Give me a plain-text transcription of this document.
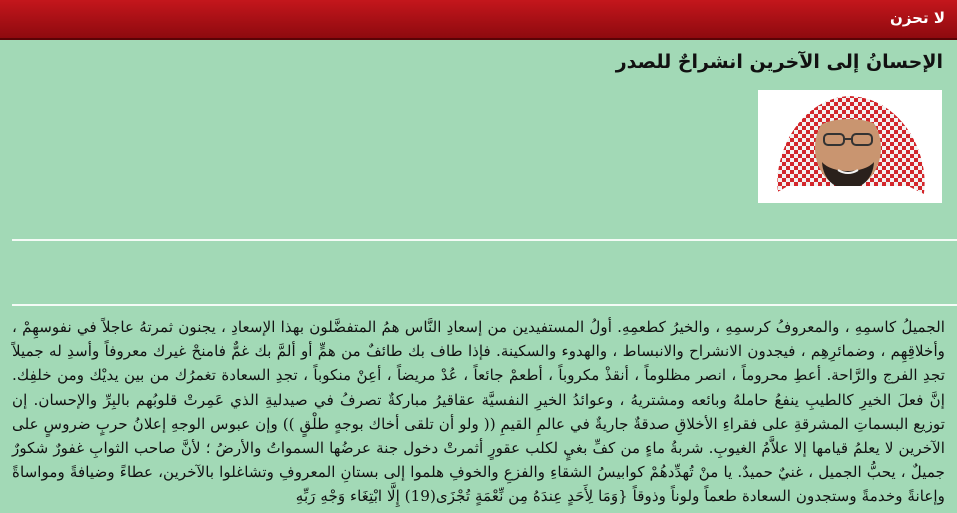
لا تحزن
الإحسانُ إلى الآخرين انشراحٌ للصدر
الجميلُ كاسمِهِ ، والمعروفُ كرسمِهِ ، والخيرُ كطعمِهِ. أولُ المستفيدين من إسعادِ النَّاس همُ المتفضَّلون بهذا الإسعادِ ، يجنون ثمرتهُ عاجلاً في نفوسهِمْ ، وأخلاقِهِم ، وضمائرِهِم ، فيجدون الانشراح والانبساط ، والهدوء والسكينة. فإذا طاف بك طائفٌ من همٍّ أو ألمَّ بك غمٌّ فامنحْ غيرك معروفاً وأسدِ له جميلاً تجدِ الفرج والرَّاحة. أعطِ محروماً ، انصر مظلوماً ، أنقذْ مكروباً ، أطعمْ جائعاً ، عُدْ مريضاً ، أعِنْ منكوباً ، تجدِ السعادة تغمرُك من بين يديْك ومن خلفِك. إنَّ فعلَ الخيرِ كالطيبِ ينفعُ حاملهُ وبائعه ومشتريهُ ، وعوائدُ الخيرِ النفسيَّة عقاقيرُ مباركةٌ تصرفُ في صيدليةِ الذي عَمِرتْ قلوبُهم بالبِرِّ والإحسان. إن توزيع البسماتِ المشرقةِ على فقراءِ الأخلاقِ صدقةٌ جاريةٌ في عالمِ القيمِ (( ولو أن تلقى أخاك بوجهٍ طلْقٍ )) وإن عبوس الوجهِ إعلانُ حربٍ ضروسٍ على الآخرين لا يعلمُ قيامها إلا علاَّمُ الغيوبِ. شربةُ ماءٍ من كفِّ بغيٍ لكلب عقورٍ أثمرتْ دخول جنة عرضُها السمواتُ والأرضُ ؛ لأنَّ صاحب الثوابِ غفورٌ شكورٌ جميلٌ ، يحبُّ الجميل ، غنيٌ حميدٌ. يا منْ تُهدِّدهُمْ كوابيسُ الشقاءِ والفزعِ والخوفِ هلموا إلى بستانِ المعروفِ وتشاغلوا بالآخرين، عطاءً وضيافةً ومواساةً وإعانةً وخدمةً وستجدون السعادة طعماً ولوناً وذوقاً {وَمَا لِأَحَدٍ عِندَهُ مِن نِّعْمَةٍ تُجْزَى(19) إِلَّا ابْتِغَاء وَجْهِ رَبِّهِ
